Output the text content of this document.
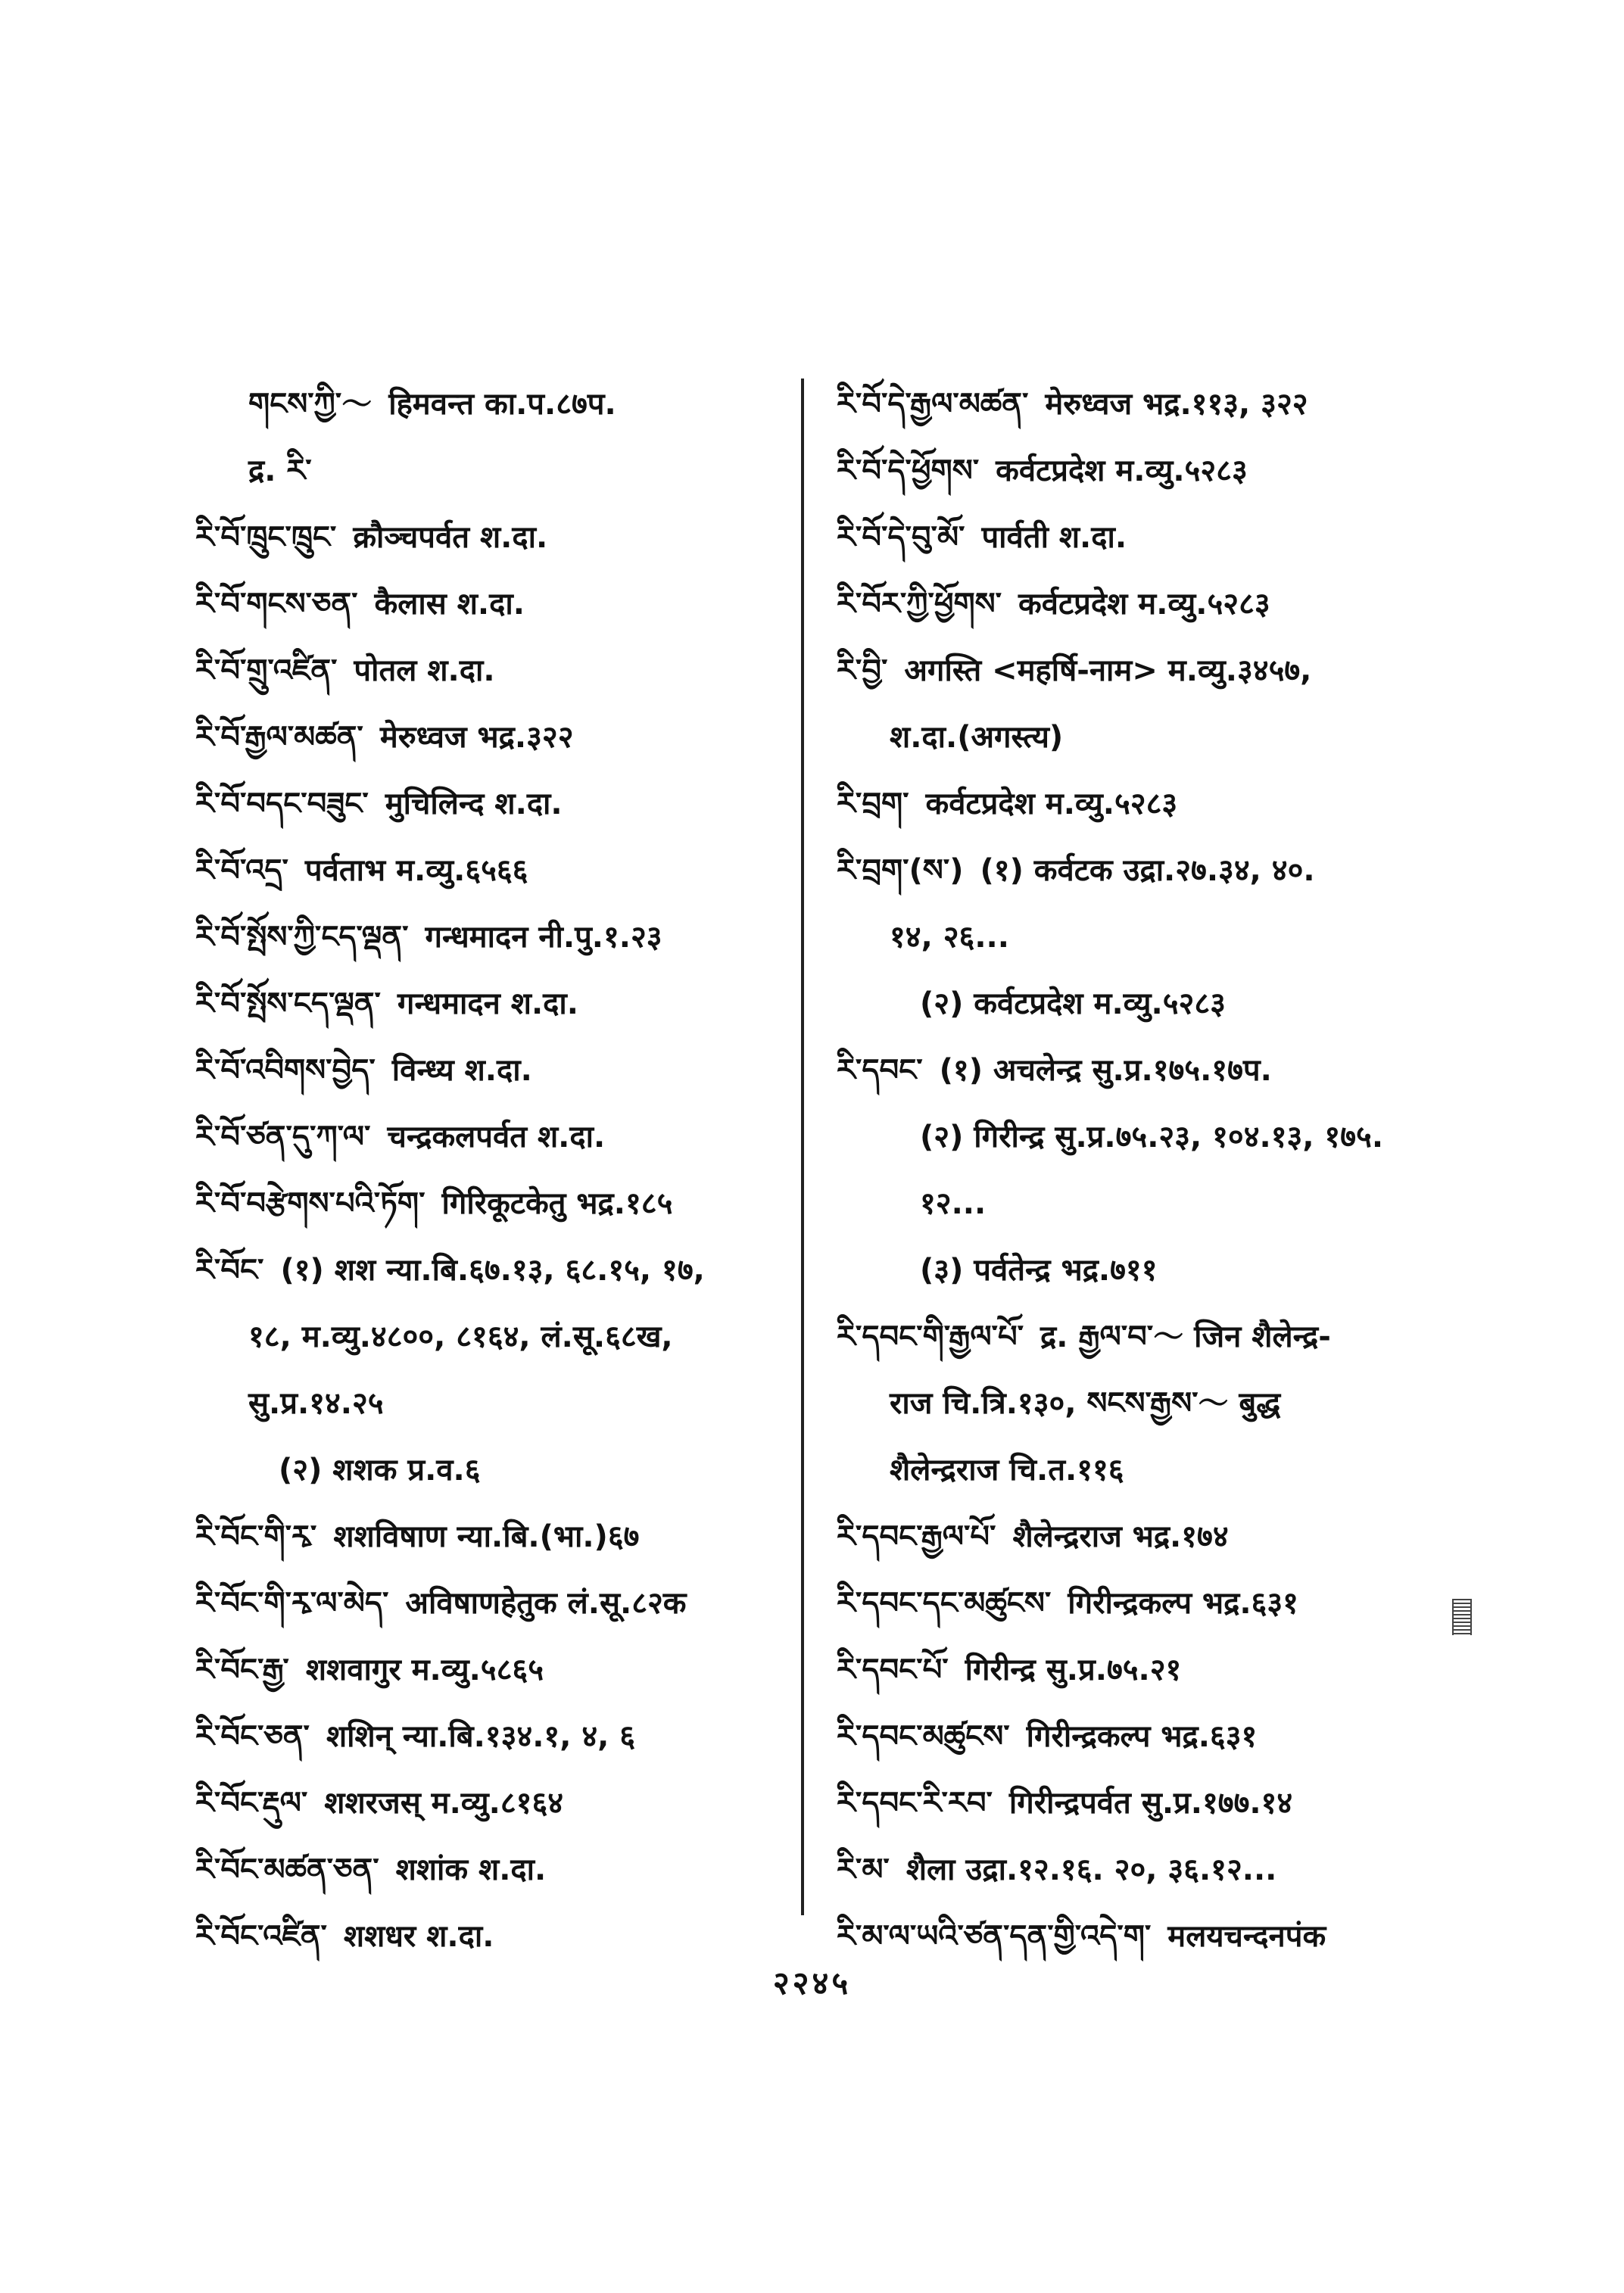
གངས་ཀྱི་～ हिमवन्त का.प.८७प.
द्र. རི་
རི་བོ་ཁྲུང་ཁྲུང་ क्रौञ्चपर्वत श.दा.
རི་བོ་གངས་ཅན་ कैलास श.दा.
རི་བོ་གྲུ་འཛིན་ पोतल श.दा.
རི་བོ་རྒྱལ་མཚན་ मेरुध्वज भद्र.३२२
རི་བོ་བདང་བཟུང་ मुचिलिन्द श.दा.
རི་བོ་འདྲ་ पर्वताभ म.व्यु.६५६६
རི་བོ་སྤོས་ཀྱི་ངད་ལྡན་ गन्धमादन नी.पु.१.२३
རི་བོ་སྤོས་ངད་ལྡན་ गन्धमादन श.दा.
རི་བོ་འབིགས་བྱེད་ विन्ध्य श.दा.
རི་བོ་ཙན་དུ་ཀ་ལ་ चन्द्रकलपर्वत श.दा.
རི་བོ་བརྩེགས་པའི་ཏོག་ गिरिकूटकेतु भद्र.१८५
རི་བོང་ (१) शश न्या.बि.६७.१३, ६८.१५, १७,
१८, म.व्यु.४८००, ८१६४, लं.सू.६८ख,
सु.प्र.१४.२५
(२) शशक प्र.व.६
རི་བོང་གི་རྭ་ शशविषाण न्या.बि.(भा.)६७
རི་བོང་གི་རྭ་ལ་མེད་ अविषाणहेतुक लं.सू.८२क
རི་བོང་རྒྱ་ शशवागुर म.व्यु.५८६५
རི་བོང་ཅན་ शशिन् न्या.बि.१३४.१, ४, ६
རི་བོང་རྡུལ་ शशरजस् म.व्यु.८१६४
རི་བོང་མཚན་ཅན་ शशांक श.दा.
རི་བོང་འཛིན་ शशधर श.दा.
རི་བོ་དེ་རྒྱལ་མཚན་ मेरुध्वज भद्र.११३, ३२२
རི་བོ་དེ་ཕྱོགས་ कर्वटप्रदेश म.व्यु.५२८३
རི་བོ་དེ་བུ་མོ་ पार्वती श.दा.
རི་བོར་ཀྱི་ཕྱོགས་ कर्वटप्रदेश म.व्यु.५२८३
རི་བྱི་ अगस्ति <महर्षि-नाम> म.व्यु.३४५७,
श.दा.(अगस्त्य)
རི་བྲག་ कर्वटप्रदेश म.व्यु.५२८३
རི་བྲག་(ས་) (१) कर्वटक उद्रा.२७.३४, ४०.
१४, २६...
(२) कर्वटप्रदेश म.व्यु.५२८३
རི་དབང་ (१) अचलेन्द्र सु.प्र.१७५.१७प.
(२) गिरीन्द्र सु.प्र.७५.२३, १०४.१३, १७५.
१२...
(३) पर्वतेन्द्र भद्र.७११
རི་དབང་གི་རྒྱལ་པོ་ द्र. རྒྱལ་བ་～ जिन शैलेन्द्र-
राज चि.त्रि.१३०, སངས་རྒྱས་～ बुद्ध
शैलेन्द्रराज चि.त.११६
རི་དབང་རྒྱལ་པོ་ शैलेन्द्रराज भद्र.१७४
རི་དབང་དང་མཚུངས་ गिरीन्द्रकल्प भद्र.६३१
རི་དབང་པོ་ गिरीन्द्र सु.प्र.७५.२१
རི་དབང་མཚུངས་ गिरीन्द्रकल्प भद्र.६३१
རི་དབང་རི་རབ་ गिरीन्द्रपर्वत सु.प्र.१७७.१४
རི་མ་ शैला उद्रा.१२.१६. २०, ३६.१२...
རི་མ་ལ་ཡའི་ཙན་དན་གྱི་འདེ་ག་ मलयचन्दनपंक
२२४५
